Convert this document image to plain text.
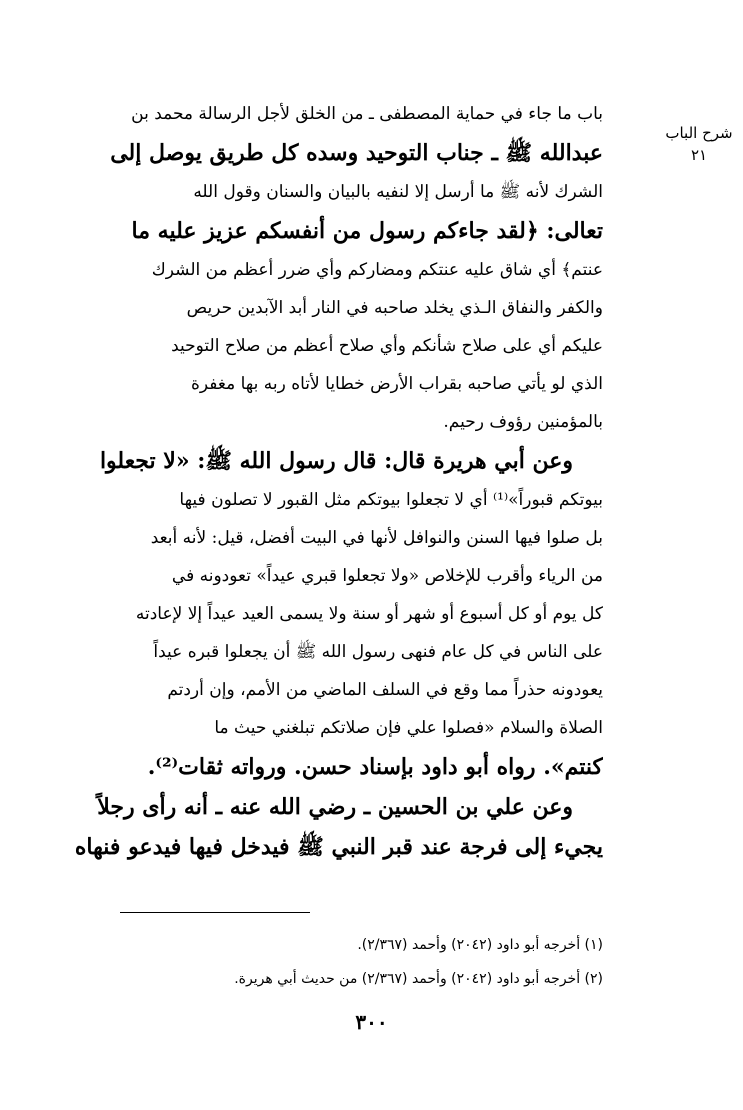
شرح الباب
٢١
باب ما جاء في حماية المصطفى ـ من الخلق لأجل الرسالة محمد بن
عبدالله ﷺ ـ جناب التوحيد وسده كل طريق يوصل إلى
الشرك لأنه ﷺ ما أرسل إلا لنفيه بالبيان والسنان وقول الله
تعالى: ﴿لقد جاءكم رسول من أنفسكم عزيز عليه ما
عنتم﴾ أي شاق عليه عنتكم ومضاركم وأي ضرر أعظم من الشرك
والكفر والنفاق الـذي يخلد صاحبه في النار أبد الآبدين حريص
عليكم أي على صلاح شأنكم وأي صلاح أعظم من صلاح التوحيد
الذي لو يأتي صاحبه بقراب الأرض خطايا لأتاه ربه بها مغفرة
بالمؤمنين رؤوف رحيم.
وعن أبي هريرة قال: قال رسول الله ﷺ: «لا تجعلوا
بيوتكم قبوراً»⁽¹⁾ أي لا تجعلوا بيوتكم مثل القبور لا تصلون فيها
بل صلوا فيها السنن والنوافل لأنها في البيت أفضل، قيل: لأنه أبعد
من الرياء وأقرب للإخلاص «ولا تجعلوا قبري عيداً» تعودونه في
كل يوم أو كل أسبوع أو شهر أو سنة ولا يسمى العيد عيداً إلا لإعادته
على الناس في كل عام فنهى رسول الله ﷺ أن يجعلوا قبره عيداً
يعودونه حذراً مما وقع في السلف الماضي من الأمم، وإن أردتم
الصلاة والسلام «فصلوا علي فإن صلاتكم تبلغني حيث ما
كنتم». رواه أبو داود بإسناد حسن. ورواته ثقات⁽²⁾.
وعن علي بن الحسين ـ رضي الله عنه ـ أنه رأى رجلاً
يجيء إلى فرجة عند قبر النبي ﷺ فيدخل فيها فيدعو فنهاه
(١) أخرجه أبو داود (٢٠٤٢) وأحمد (٢/٣٦٧).
(٢) أخرجه أبو داود (٢٠٤٢) وأحمد (٢/٣٦٧) من حديث أبي هريرة.
٣٠٠
